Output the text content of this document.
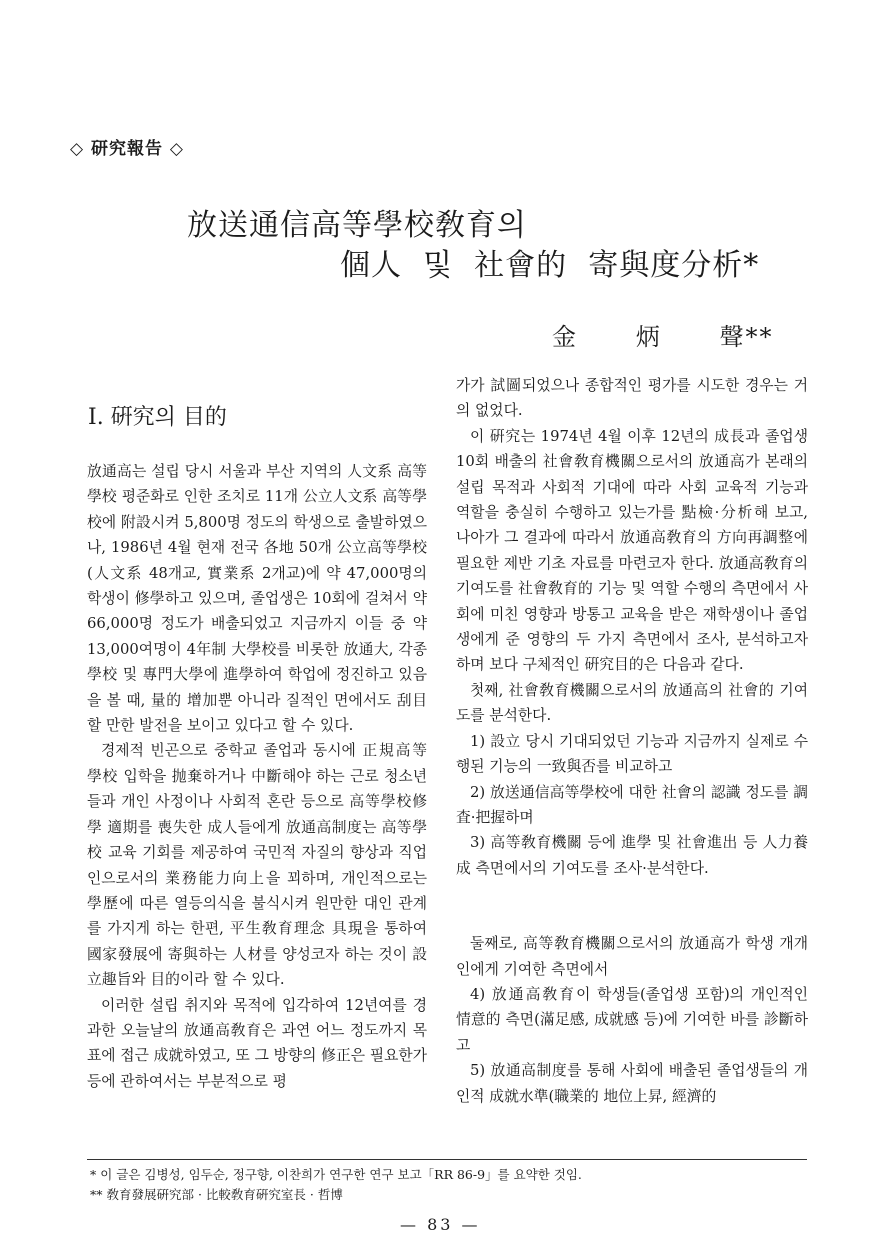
◇ 研究報告 ◇
放送通信高等學校敎育의
個人  및  社會的  寄與度分析*
金      炳      聲**
Ⅰ. 硏究의 目的

放通高는 설립 당시 서울과 부산 지역의 人文系 高等學校 평준화로 인한 조치로 11개 公立人文系 高等學校에 附設시켜 5,800명 정도의 학생으로 출발하였으나, 1986년 4월 현재 전국 各地 50개 公立高等學校(人文系 48개교, 實業系 2개교)에 약 47,000명의 학생이 修學하고 있으며, 졸업생은 10회에 걸쳐서 약 66,000명 정도가 배출되었고 지금까지 이들 중 약 13,000여명이 4年制 大學校를 비롯한 放通大, 각종 學校 및 專門大學에 進學하여 학업에 정진하고 있음을 볼 때, 量的 增加뿐 아니라 질적인 면에서도 刮目할 만한 발전을 보이고 있다고 할 수 있다.

경제적 빈곤으로 중학교 졸업과 동시에 正規高等學校 입학을 抛棄하거나 中斷해야 하는 근로 청소년들과 개인 사정이나 사회적 혼란 등으로 高等學校修學 適期를 喪失한 成人들에게 放通高制度는 高等學校 교육 기회를 제공하여 국민적 자질의 향상과 직업인으로서의 業務能力向上을 꾀하며, 개인적으로는 學歷에 따른 열등의식을 불식시켜 원만한 대인 관계를 가지게 하는 한편, 平生敎育理念 具現을 통하여 國家發展에 寄與하는 人材를 양성코자 하는 것이 設立趣旨와 目的이라 할 수 있다.

이러한 설립 취지와 목적에 입각하여 12년여를 경과한 오늘날의 放通高敎育은 과연 어느 정도까지 목표에 접근 成就하였고, 또 그 방향의 修正은 필요한가 등에 관하여서는 부분적으로 평

가가 試圖되었으나 종합적인 평가를 시도한 경우는 거의 없었다.

이 硏究는 1974년 4월 이후 12년의 成長과 졸업생 10회 배출의 社會敎育機關으로서의 放通高가 본래의 설립 목적과 사회적 기대에 따라 사회 교육적 기능과 역할을 충실히 수행하고 있는가를 點檢·分析해 보고, 나아가 그 결과에 따라서 放通高敎育의 方向再調整에 필요한 제반 기초 자료를 마련코자 한다. 放通高敎育의 기여도를 社會敎育的 기능 및 역할 수행의 측면에서 사회에 미친 영향과 방통고 교육을 받은 재학생이나 졸업생에게 준 영향의 두 가지 측면에서 조사, 분석하고자 하며 보다 구체적인 硏究目的은 다음과 같다.

첫째, 社會敎育機關으로서의 放通高의 社會的 기여도를 분석한다.

1) 設立 당시 기대되었던 기능과 지금까지 실제로 수행된 기능의 一致與否를 비교하고

2) 放送通信高等學校에 대한 社會의 認識 정도를 調査·把握하며

3) 高等敎育機關 등에 進學 및 社會進出 등 人力養成 측면에서의 기여도를 조사·분석한다.

둘째로, 高等敎育機關으로서의 放通高가 학생 개개인에게 기여한 측면에서

4) 放通高敎育이 학생들(졸업생 포함)의 개인적인 情意的 측면(滿足感, 成就感 등)에 기여한 바를 診斷하고

5) 放通高制度를 통해 사회에 배출된 졸업생들의 개인적 成就水準(職業的 地位上昇, 經濟的

* 이 글은 김병성, 임두순, 정구향, 이찬희가 연구한 연구 보고「RR 86-9」를 요약한 것임.
** 敎育發展硏究部 · 比較敎育硏究室長 · 哲博
— 83 —
